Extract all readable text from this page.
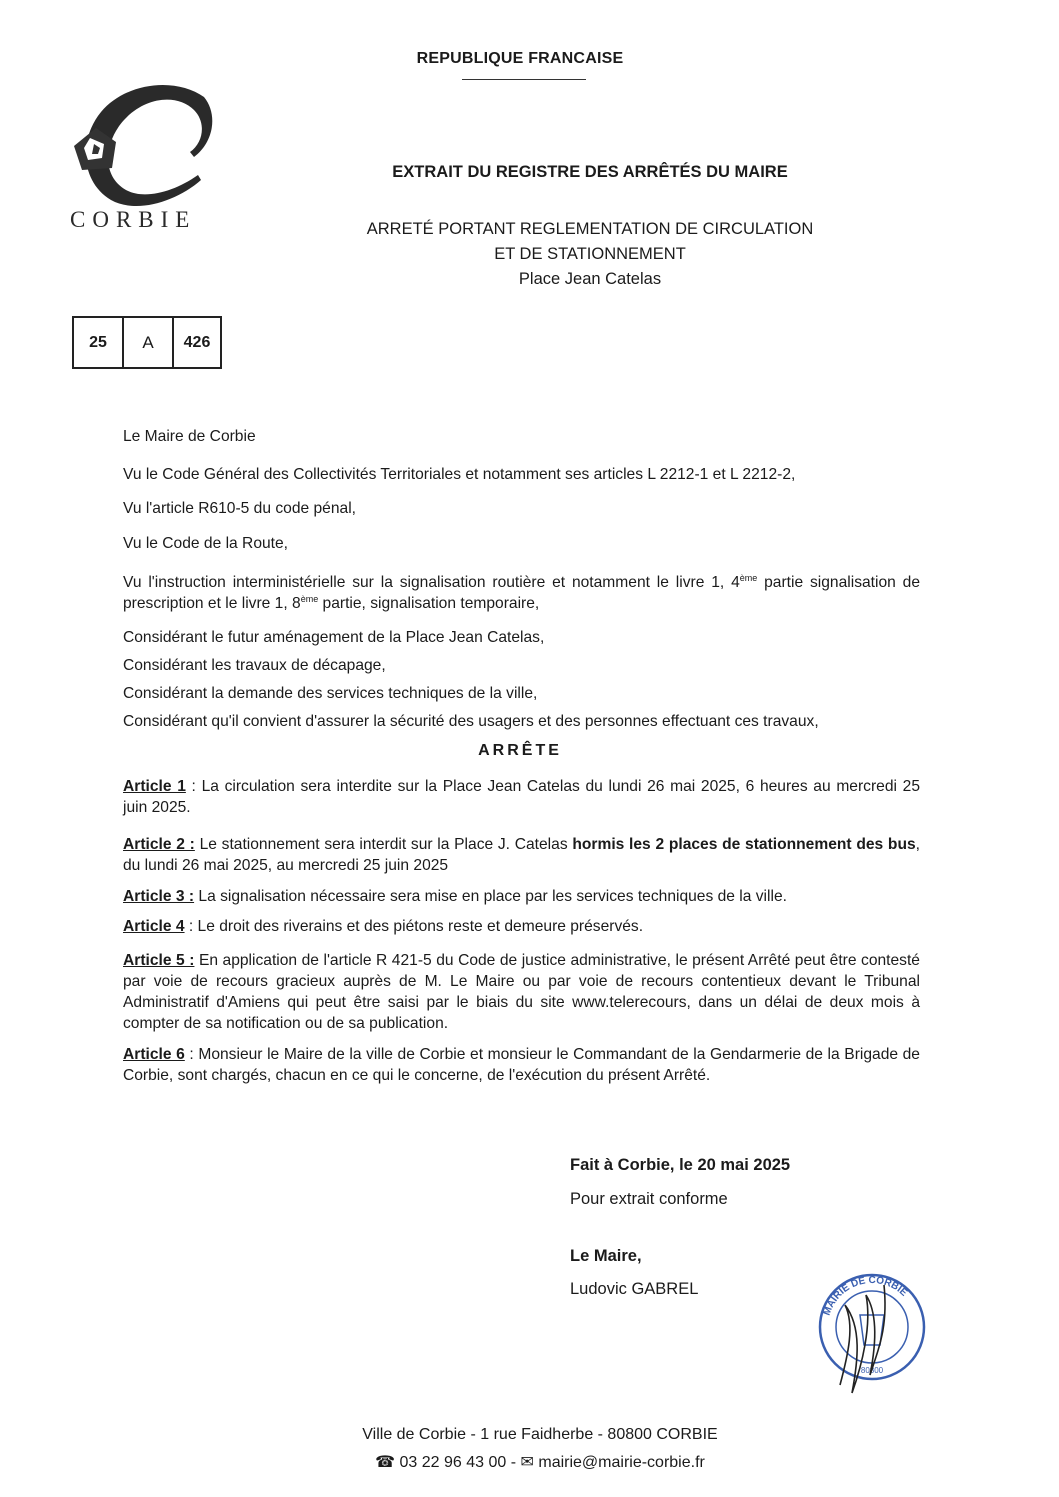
REPUBLIQUE FRANCAISE
CORBIE
EXTRAIT DU REGISTRE DES ARRÊTÉS DU MAIRE
ARRETÉ PORTANT REGLEMENTATION DE CIRCULATION
ET DE STATIONNEMENT
Place Jean Catelas
25	A	426
Le Maire de Corbie
Vu le Code Général des Collectivités Territoriales et notamment ses articles L 2212-1 et L 2212-2,
Vu l'article R610-5 du code pénal,
Vu le Code de la Route,
Vu l'instruction interministérielle sur la signalisation routière et notamment le livre 1, 4ème partie signalisation de prescription et le livre 1, 8ème partie, signalisation temporaire,
Considérant le futur aménagement de la Place Jean Catelas,
Considérant les travaux de décapage,
Considérant la demande des services techniques de la ville,
Considérant qu'il convient d'assurer la sécurité des usagers et des personnes effectuant ces travaux,
ARRÊTE
Article 1 : La circulation sera interdite sur la Place Jean Catelas du lundi 26 mai 2025, 6 heures au mercredi 25 juin 2025.
Article 2 : Le stationnement sera interdit sur la Place J. Catelas hormis les 2 places de stationnement des bus, du lundi 26 mai 2025, au mercredi 25 juin 2025
Article 3 : La signalisation nécessaire sera mise en place par les services techniques de la ville.
Article 4 : Le droit des riverains et des piétons reste et demeure préservés.
Article 5 : En application de l'article R 421-5 du Code de justice administrative, le présent Arrêté peut être contesté par voie de recours gracieux auprès de M. Le Maire ou par voie de recours contentieux devant le Tribunal Administratif d'Amiens qui peut être saisi par le biais du site www.telerecours, dans un délai de deux mois à compter de sa notification ou de sa publication.
Article 6 : Monsieur le Maire de la ville de Corbie et monsieur le Commandant de la Gendarmerie de la Brigade de Corbie, sont chargés, chacun en ce qui le concerne, de l'exécution du présent Arrêté.
Fait à Corbie, le 20 mai 2025
Pour extrait conforme
Le Maire,
Ludovic GABREL
MAIRIE DE CORBIE
80800
Ville de Corbie - 1 rue Faidherbe - 80800 CORBIE
☎ 03 22 96 43 00 - ✉ mairie@mairie-corbie.fr
